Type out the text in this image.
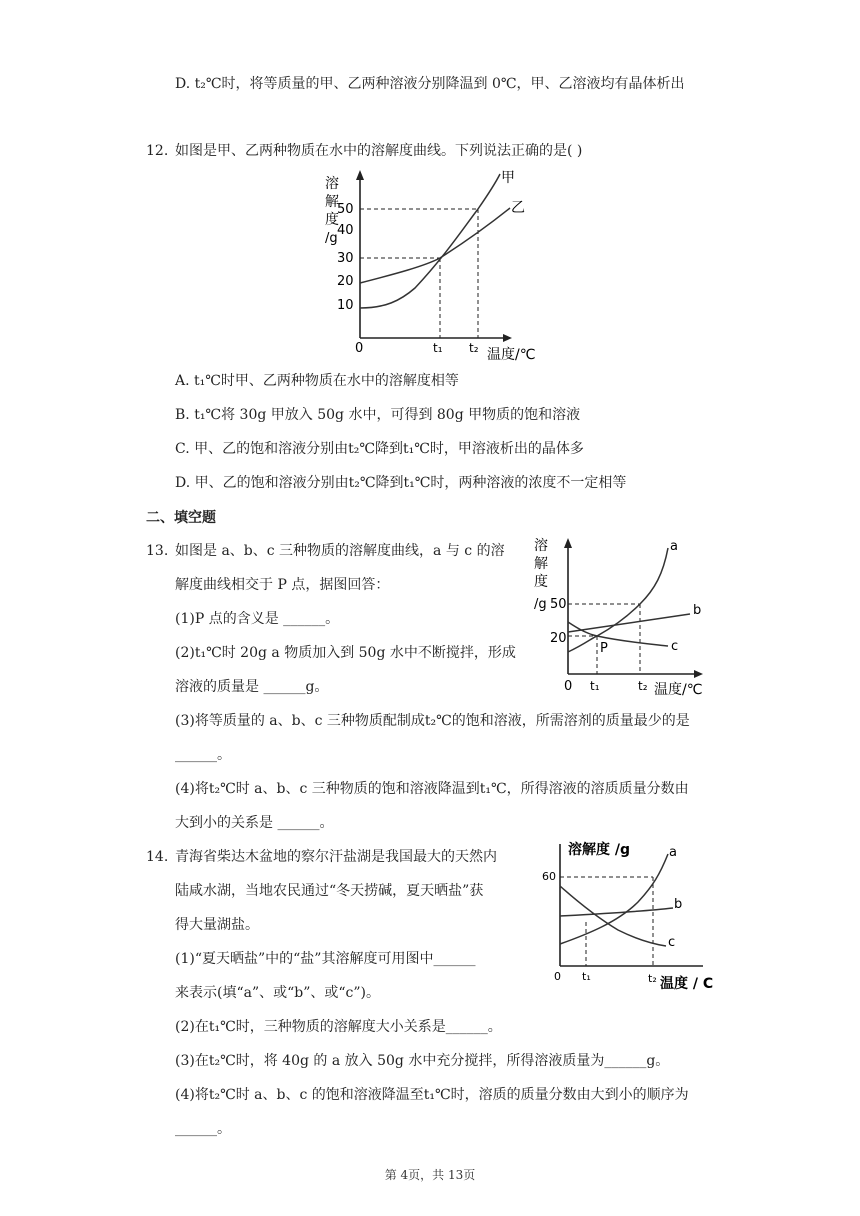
D. t₂℃时，将等质量的甲、乙两种溶液分别降温到 0℃，甲、乙溶液均有晶体析出
12. 如图是甲、乙两种物质在水中的溶解度曲线。下列说法正确的是( )
溶
解
度
/g
50
40
30
20
10
0	t₁ t₂ 温度/℃
甲
乙
A. t₁℃时甲、乙两种物质在水中的溶解度相等
B. t₁℃将 30g 甲放入 50g 水中，可得到 80g 甲物质的饱和溶液
C. 甲、乙的饱和溶液分别由t₂℃降到t₁℃时，甲溶液析出的晶体多
D. 甲、乙的饱和溶液分别由t₂℃降到t₁℃时，两种溶液的浓度不一定相等
二、填空题
13. 如图是 a、b、c 三种物质的溶解度曲线，a 与 c 的溶
解度曲线相交于 P 点，据图回答：
(1)P 点的含义是 ______。
(2)t₁℃时 20g a 物质加入到 50g 水中不断搅拌，形成
溶液的质量是 ______g。
(3)将等质量的 a、b、c 三种物质配制成t₂℃的饱和溶液，所需溶剂的质量最少的是
______。
(4)将t₂℃时 a、b、c 三种物质的饱和溶液降温到t₁℃，所得溶液的溶质质量分数由
大到小的关系是 ______。
溶
解
度
/g 50
20
0 t₁	t₂ 温度/℃
a
b
c
P
14. 青海省柴达木盆地的察尔汗盐湖是我国最大的天然内
陆咸水湖，当地农民通过“冬天捞碱，夏天晒盐”获
得大量湖盐。
(1)“夏天晒盐”中的“盐”其溶解度可用图中______
来表示(填“a”、或“b”、或“c”)。
(2)在t₁℃时，三种物质的溶解度大小关系是______。
(3)在t₂℃时，将 40g 的 a 放入 50g 水中充分搅拌，所得溶液质量为______g。
(4)将t₂℃时 a、b、c 的饱和溶液降温至t₁℃时，溶质的质量分数由大到小的顺序为
______。
溶解度 /g
60
0 t₁	t₂ 温度 / C
a
b
c
第 4页，共 13页
